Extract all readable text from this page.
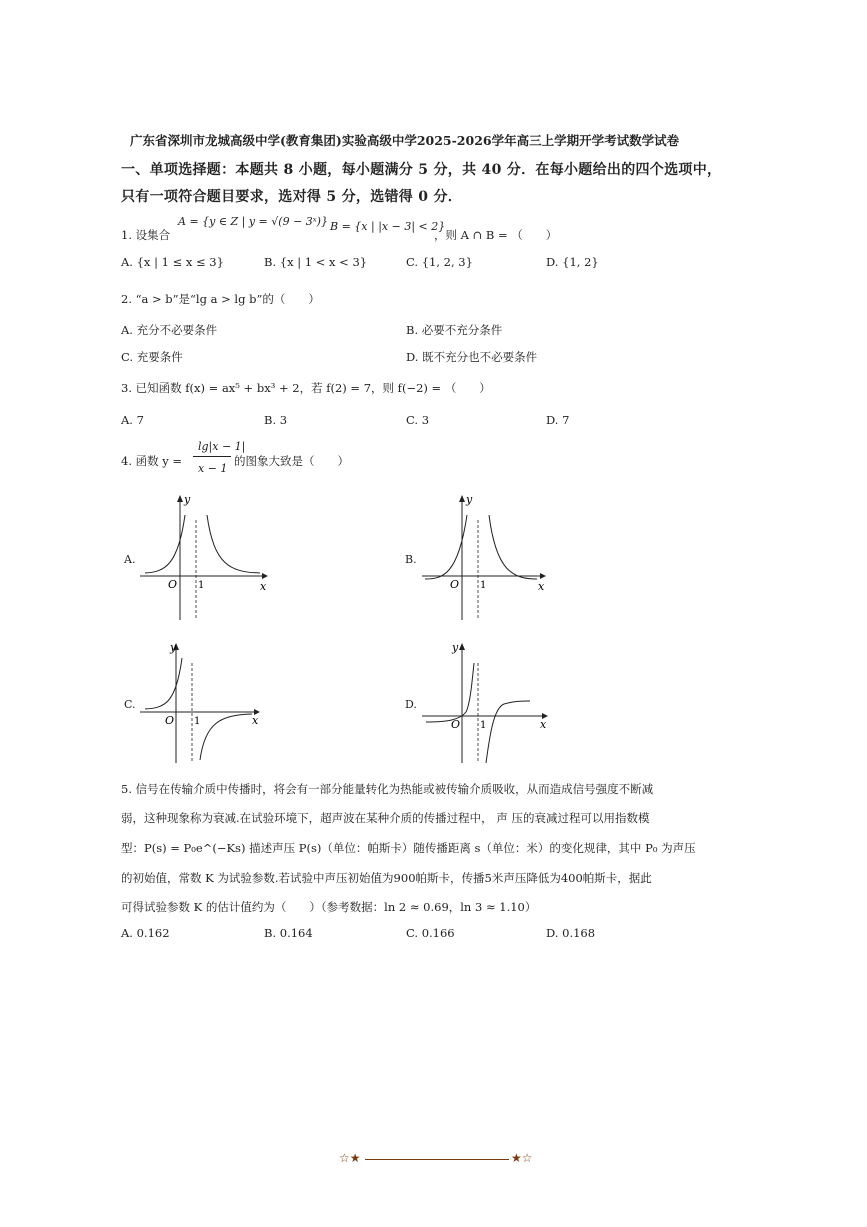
广东省深圳市龙城高级中学(教育集团)实验高级中学2025-2026学年高三上学期开学考试数学试卷
一、单项选择题：本题共 8 小题，每小题满分 5 分，共 40 分．在每小题给出的四个选项中，
只有一项符合题目要求，选对得 5 分，选错得 0 分．
1. 设集合
A = {y ∈ Z | y = √(9 − 3ˣ)} B = {x | |x − 3| < 2}
，则 A ∩ B = （　　）
A. {x | 1 ≤ x ≤ 3}	B. {x | 1 < x < 3}	C. {1, 2, 3}	D. {1, 2}
2. “a > b”是“lg a > lg b”的（　　）
A. 充分不必要条件	B. 必要不充分条件
C. 充要条件	D. 既不充分也不必要条件
3. 已知函数 f(x) = ax⁵ + bx³ + 2，若 f(2) = 7，则 f(−2) = （　　）
A. 7	B. 3	C. 3	D. 7
4. 函数 y =
lg|x − 1|
x − 1
的图象大致是（　　）
A.	B.
C.	D.
y
x
O 1
y
x
O 1
y
x
O 1
y
x
O 1
5. 信号在传输介质中传播时，将会有一部分能量转化为热能或被传输介质吸收，从而造成信号强度不断减
弱，这种现象称为衰减.在试验环境下，超声波在某种介质的传播过程中， 声 压的衰减过程可以用指数模
型：P(s) = P₀e^(−Ks) 描述声压 P(s)（单位：帕斯卡）随传播距离 s（单位：米）的变化规律，其中 P₀ 为声压
的初始值，常数 K 为试验参数.若试验中声压初始值为900帕斯卡，传播5米声压降低为400帕斯卡，据此
可得试验参数 K 的估计值约为（　　）（参考数据：ln 2 ≈ 0.69，ln 3 ≈ 1.10）
A. 0.162	B. 0.164	C. 0.166	D. 0.168
☆★	★☆
